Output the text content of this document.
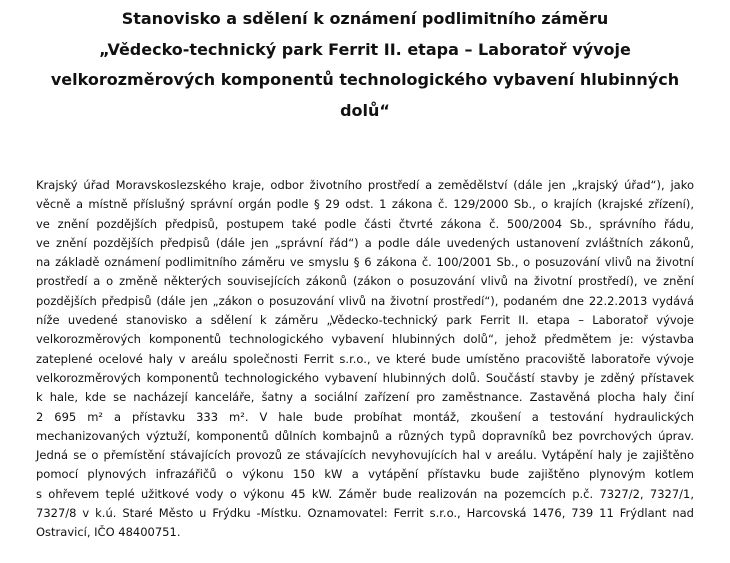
Stanovisko a sdělení k oznámení podlimitního záměru
„Vědecko-technický park Ferrit II. etapa – Laboratoř vývoje
velkorozměrových komponentů technologického vybavení hlubinných
dolů“
Krajský úřad Moravskoslezského kraje, odbor životního prostředí a zemědělství (dále jen „krajský úřad“), jako
věcně a místně příslušný správní orgán podle § 29 odst. 1 zákona č. 129/2000 Sb., o krajích (krajské zřízení),
ve znění pozdějších předpisů, postupem také podle části čtvrté zákona č. 500/2004 Sb., správního řádu,
ve znění pozdějších předpisů (dále jen „správní řád“) a podle dále uvedených ustanovení zvláštních zákonů,
na základě oznámení podlimitního záměru ve smyslu § 6 zákona č. 100/2001 Sb., o posuzování vlivů na životní
prostředí a o změně některých souvisejících zákonů (zákon o posuzování vlivů na životní prostředí), ve znění
pozdějších předpisů (dále jen „zákon o posuzování vlivů na životní prostředí“), podaném dne 22.2.2013 vydává
níže uvedené stanovisko a sdělení k záměru „Vědecko-technický park Ferrit II. etapa – Laboratoř vývoje
velkorozměrových komponentů technologického vybavení hlubinných dolů“, jehož předmětem je: výstavba
zateplené ocelové haly v areálu společnosti Ferrit s.r.o., ve které bude umístěno pracoviště laboratoře vývoje
velkorozměrových komponentů technologického vybavení hlubinných dolů. Součástí stavby je zděný přístavek
k hale, kde se nacházejí kanceláře, šatny a sociální zařízení pro zaměstnance. Zastavěná plocha haly činí
2 695 m² a přístavku 333 m². V hale bude probíhat montáž, zkoušení a testování hydraulických
mechanizovaných výztuží, komponentů důlních kombajnů a různých typů dopravníků bez povrchových úprav.
Jedná se o přemístění stávajících provozů ze stávajících nevyhovujících hal v areálu. Vytápění haly je zajištěno
pomocí plynových infrazářičů o výkonu 150 kW a vytápění přístavku bude zajištěno plynovým kotlem
s ohřevem teplé užitkové vody o výkonu 45 kW. Záměr bude realizován na pozemcích p.č. 7327/2, 7327/1,
7327/8 v k.ú. Staré Město u Frýdku -Místku. Oznamovatel: Ferrit s.r.o., Harcovská 1476, 739 11 Frýdlant nad
Ostravicí, IČO 48400751.
